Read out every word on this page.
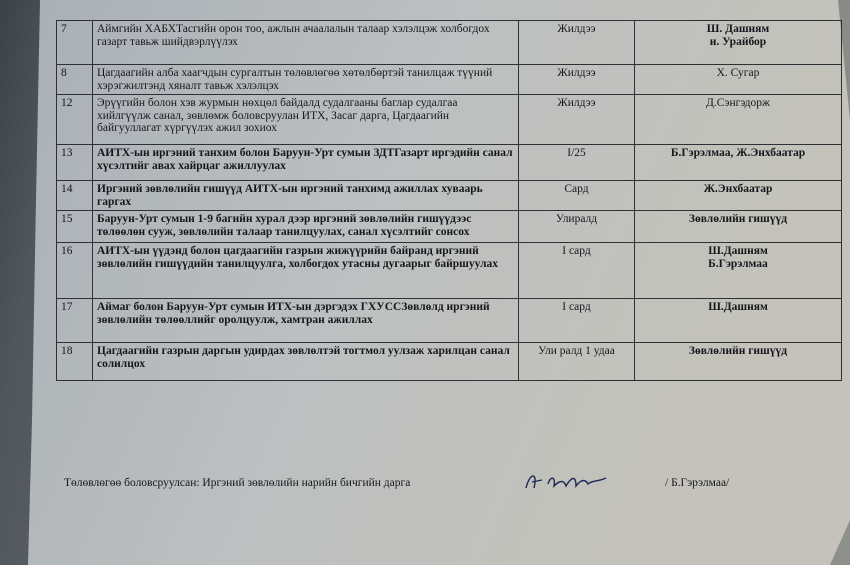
7	Аймгийн ХАБХТасгийн орон тоо, ажлын ачаалалын талаар хэлэлцэж холбогдох газарт тавьж шийдвэрлүүлэх	Жилдээ	Ш. Дашням
и. Урайбор
8	Цагдаагийн алба хаагчдын сургалтын төлөвлөгөө хөтөлбөртэй танилцаж түүний хэрэгжилтэнд хяналт тавьж хэлэлцэх	Жилдээ	Х. Сугар
12	Эрүүгийн болон хэв журмын нөхцөл байдалд судалгааны баглар судалгаа хийлгүүлж санал, зөвлөмж боловсруулан ИТХ, Засаг дарга, Цагдаагийн байгууллагат хүргүүлэх ажил зохиох	Жилдээ	Д.Сэнгэдорж
13	АИТХ-ын иргэний танхим болон Баруун-Урт сумын ЗДТГазарт иргэдийн санал хүсэлтийг авах хайрцаг ажиллуулах	I/25	Б.Гэрэлмаа, Ж.Энхбаатар
14	Иргэний зөвлөлийн гишүүд АИТХ-ын иргэний танхимд ажиллах хуваарь гаргах	Сард	Ж.Энхбаатар
15	Баруун-Урт сумын 1-9 багийн хурал дээр иргэний зөвлөлийн гишүүдээс төлөөлөн сууж, зөвлөлийн талаар танилцуулах, санал хүсэлтийг сонсох	Улиралд	Зөвлөлийн гишүүд
16	АИТХ-ын үүдэнд болон цагдаагийн газрын жижүүрийн байранд иргэний зөвлөлийн гишүүдийн танилцуулга, холбогдох утасны дугаарыг байршуулах	I сард	Ш.Дашням
Б.Гэрэлмаа
17	Аймаг болон Баруун-Урт сумын ИТХ-ын дэргэдэх ГХУССЗөвлөлд иргэний зөвлөлийн төлөөллийг оролцуулж, хамтран ажиллах	I сард	Ш.Дашням
18	Цагдаагийн газрын даргын удирдах зөвлөлтэй тогтмол уулзаж харилцан санал солилцох	Ули ралд 1 удаа	Зөвлөлийн гишүүд
Төлөвлөгөө боловсруулсан: Иргэний зөвлөлийн нарийн бичгийн дарга	/ Б.Гэрэлмаа/
